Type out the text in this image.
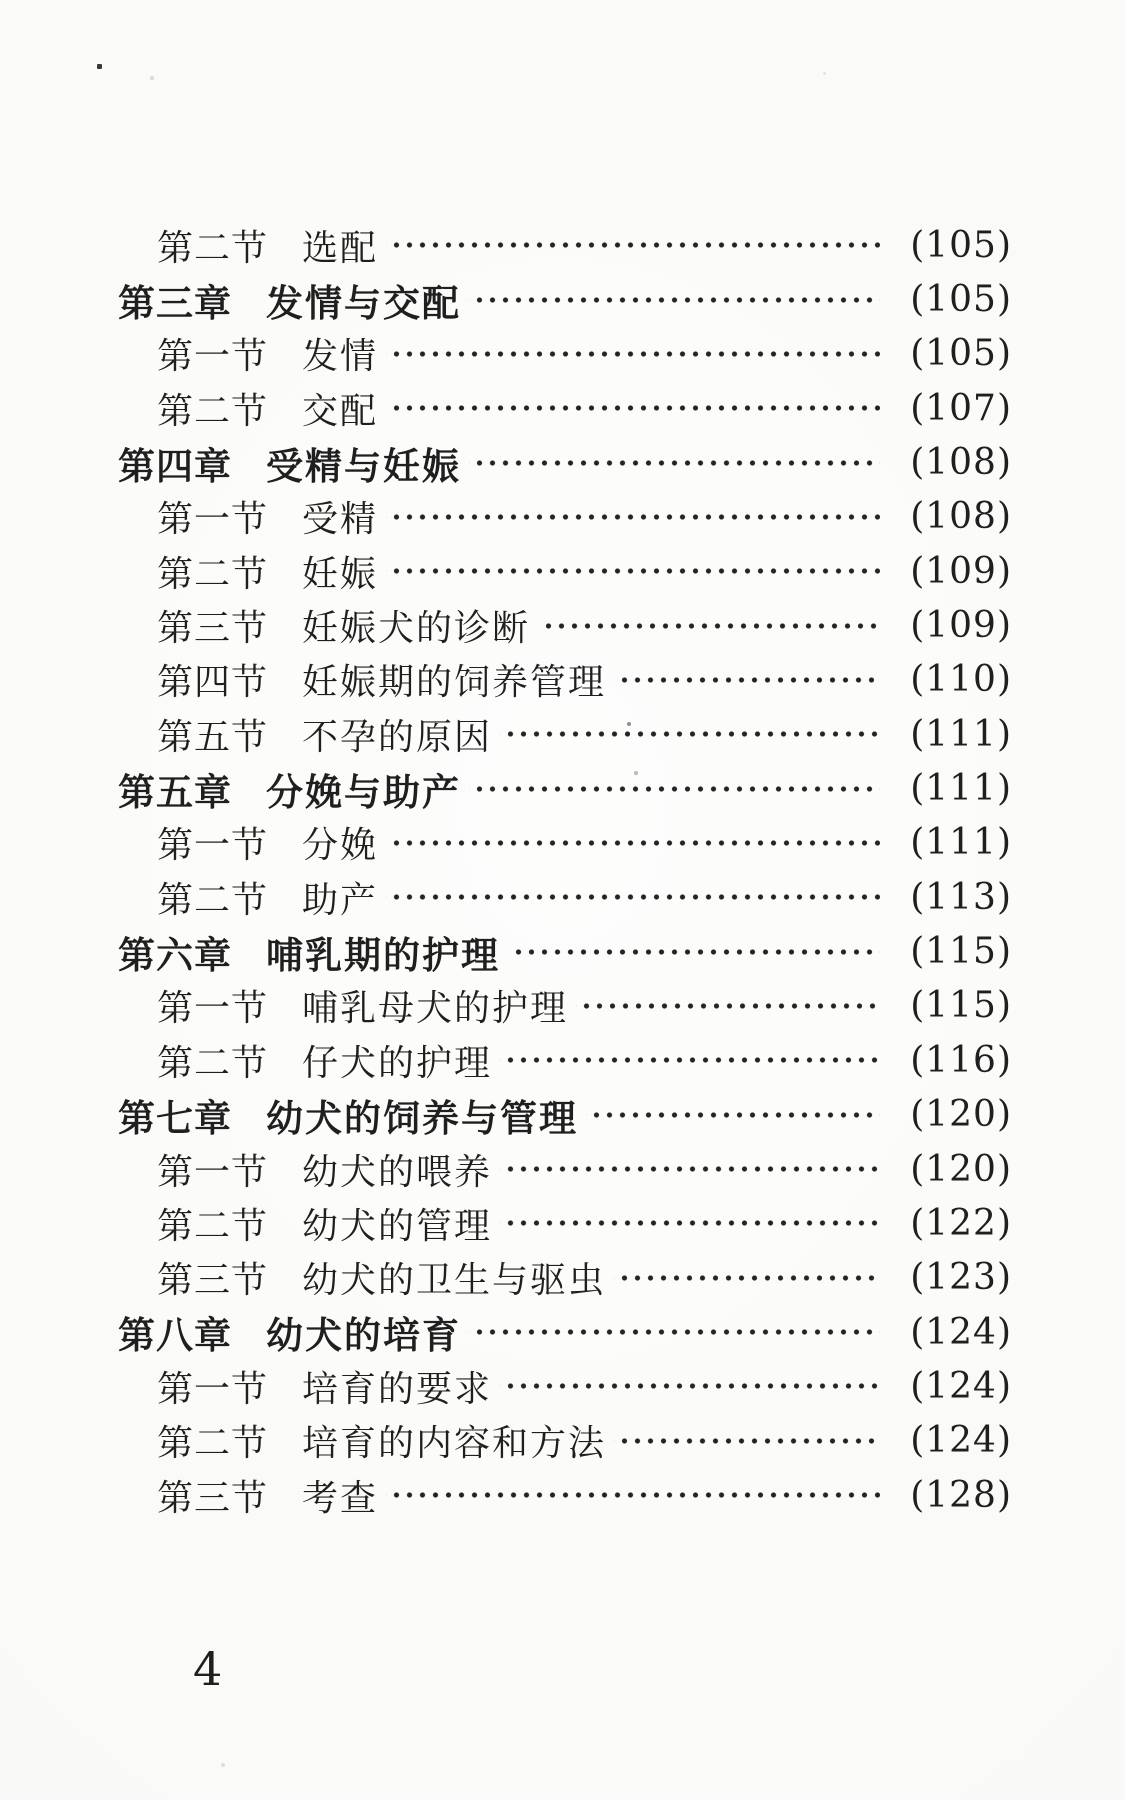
第二节 选配	(105)
第三章 发情与交配	(105)
第一节 发情	(105)
第二节 交配	(107)
第四章 受精与妊娠	(108)
第一节 受精	(108)
第二节 妊娠	(109)
第三节 妊娠犬的诊断	(109)
第四节 妊娠期的饲养管理	(110)
第五节 不孕的原因	(111)
第五章 分娩与助产	(111)
第一节 分娩	(111)
第二节 助产	(113)
第六章 哺乳期的护理	(115)
第一节 哺乳母犬的护理	(115)
第二节 仔犬的护理	(116)
第七章 幼犬的饲养与管理	(120)
第一节 幼犬的喂养	(120)
第二节 幼犬的管理	(122)
第三节 幼犬的卫生与驱虫	(123)
第八章 幼犬的培育	(124)
第一节 培育的要求	(124)
第二节 培育的内容和方法	(124)
第三节 考查	(128)
4
